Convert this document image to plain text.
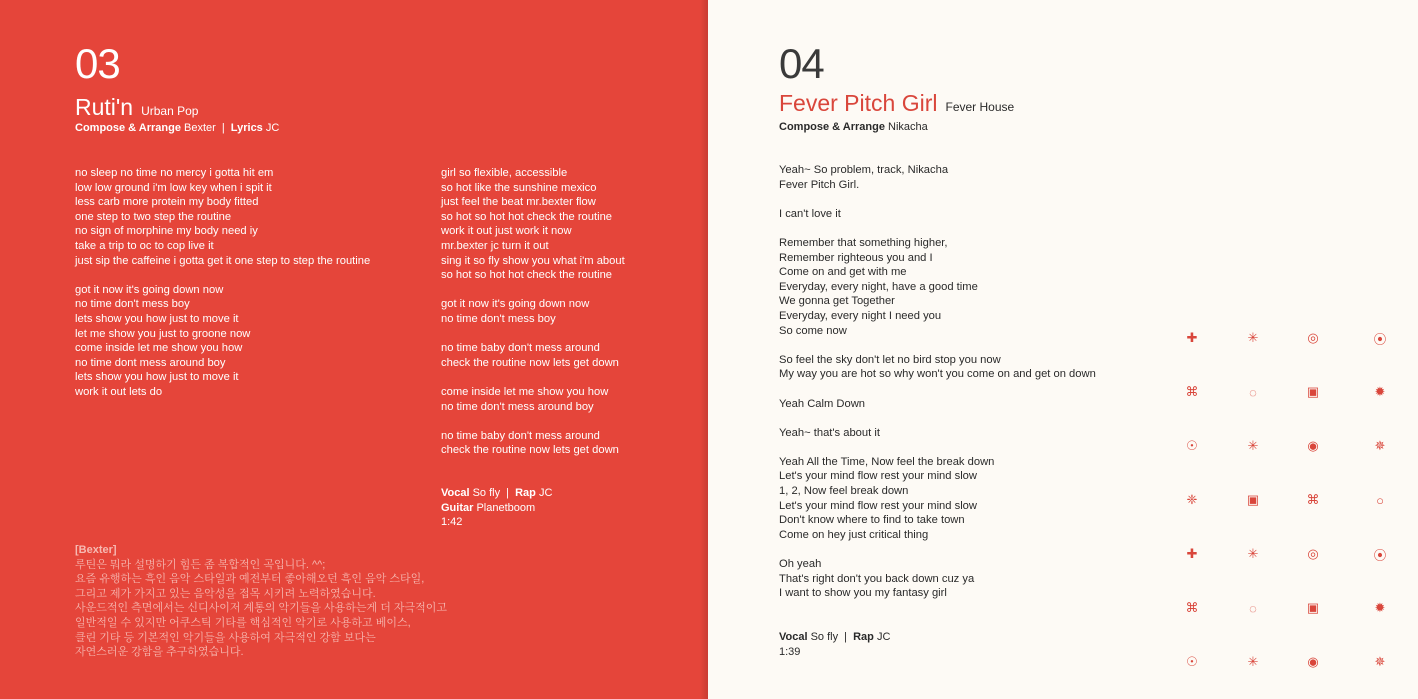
03
Ruti'n Urban Pop
Compose & Arrange Bexter | Lyrics JC
no sleep no time no mercy i gotta hit em
low low ground i'm low key when i spit it
less carb more protein my body fitted
one step to two step the routine
no sign of morphine my body need iy
take a trip to oc to cop live it
just sip the caffeine i gotta get it one step to step the routine
got it now it's going down now
no time don't mess boy
lets show you how just to move it
let me show you just to groone now
come inside let me show you how
no time dont mess around boy
lets show you how just to move it
work it out lets do
girl so flexible, accessible
so hot like the sunshine mexico
just feel the beat mr.bexter flow
so hot so hot hot check the routine
work it out just work it now
mr.bexter jc turn it out
sing it so fly show you what i'm about
so hot so hot hot check the routine
got it now it's going down now
no time don't mess boy
no time baby don't mess around
check the routine now lets get down
come inside let me show you how
no time don't mess around boy
no time baby don't mess around
check the routine now lets get down
Vocal So fly | Rap JC
Guitar Planetboom
1:42
[Bexter]
루틴은 뭐라 설명하기 힘든 좀 복합적인 곡입니다. ^^;
요즘 유행하는 흑인 음악 스타일과 예전부터 좋아해오던 흑인 음악 스타일,
그리고 제가 가지고 있는 음악성을 접목 시키려 노력하였습니다.
사운드적인 측면에서는 신디사이저 계통의 악기들을 사용하는게 더 자극적이고
일반적일 수 있지만 어쿠스틱 기타를 핵심적인 악기로 사용하고 베이스,
클린 기타 등 기본적인 악기들을 사용하여 자극적인 강함 보다는
자연스러운 강함을 추구하였습니다.
04
Fever Pitch Girl Fever House
Compose & Arrange Nikacha
Yeah~ So problem, track, Nikacha
Fever Pitch Girl.
I can't love it
Remember that something higher,
Remember righteous you and I
Come on and get with me
Everyday, every night, have a good time
We gonna get Together
Everyday, every night I need you
So come now
So feel the sky don't let no bird stop you now
My way you are hot so why won't you come on and get on down
Yeah Calm Down
Yeah~ that's about it
Yeah All the Time, Now feel the break down
Let's your mind flow rest your mind slow
1, 2, Now feel break down
Let's your mind flow rest your mind slow
Don't know where to find to take town
Come on hey just critical thing
Oh yeah
That's right don't you back down cuz ya
I want to show you my fantasy girl
Vocal So fly | Rap JC
1:39
✚	✳	◎	⦿
⌘	◌	▣	✹
☉	✳	◉	✵
❈	▣	⌘	○
✚	✳	◎	⦿
⌘	◌	▣	✹
☉	✳	◉	✵
